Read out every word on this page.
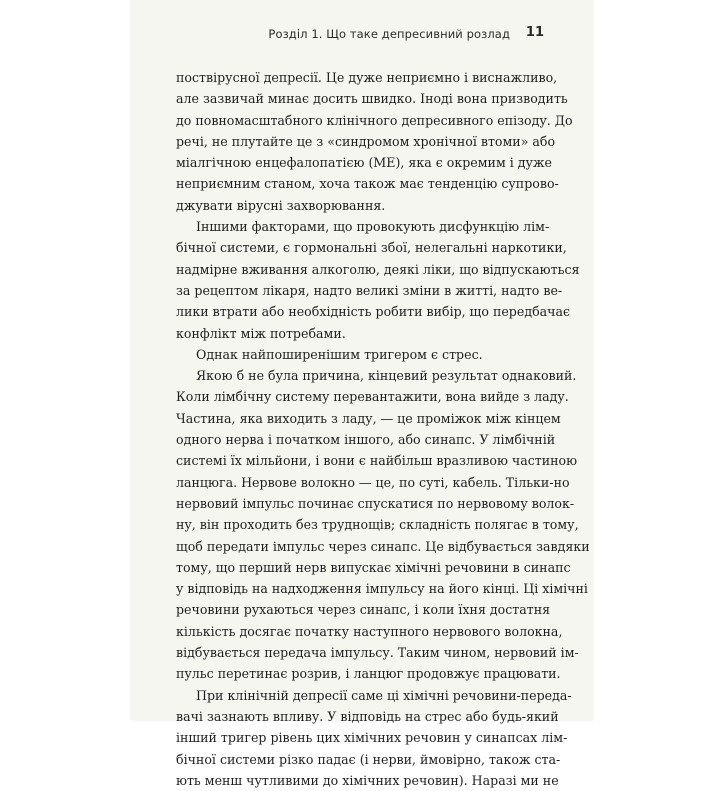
Розділ 1. Що таке депресивний розлад 11
поствірусної депресії. Це дуже неприємно і виснажливо,
але зазвичай минає досить швидко. Іноді вона призводить
до повномасштабного клінічного депресивного епізоду. До
речі, не плутайте це з «синдромом хронічної втоми» або
міалгічною енцефалопатією (МЕ), яка є окремим і дуже
неприємним станом, хоча також має тенденцію супрово-
джувати вірусні захворювання.
Іншими факторами, що провокують дисфункцію лім-
бічної системи, є гормональні збої, нелегальні наркотики,
надмірне вживання алкоголю, деякі ліки, що відпускаються
за рецептом лікаря, надто великі зміни в житті, надто ве-
лики втрати або необхідність робити вибір, що передбачає
конфлікт між потребами.
Однак найпоширенішим тригером є стрес.
Якою б не була причина, кінцевий результат однаковий.
Коли лімбічну систему перевантажити, вона вийде з ладу.
Частина, яка виходить з ладу, — це проміжок між кінцем
одного нерва і початком іншого, або синапс. У лімбічній
системі їх мільйони, і вони є найбільш вразливою частиною
ланцюга. Нервове волокно — це, по суті, кабель. Тільки-но
нервовий імпульс починає спускатися по нервовому волок-
ну, він проходить без труднощів; складність полягає в тому,
щоб передати імпульс через синапс. Це відбувається завдяки
тому, що перший нерв випускає хімічні речовини в синапс
у відповідь на надходження імпульсу на його кінці. Ці хімічні
речовини рухаються через синапс, і коли їхня достатня
кількість досягає початку наступного нервового волокна,
відбувається передача імпульсу. Таким чином, нервовий ім-
пульс перетинає розрив, і ланцюг продовжує працювати.
При клінічній депресії саме ці хімічні речовини-переда-
вачі зазнають впливу. У відповідь на стрес або будь-який
інший тригер рівень цих хімічних речовин у синапсах лім-
бічної системи різко падає (і нерви, ймовірно, також ста-
ють менш чутливими до хімічних речовин). Наразі ми не
